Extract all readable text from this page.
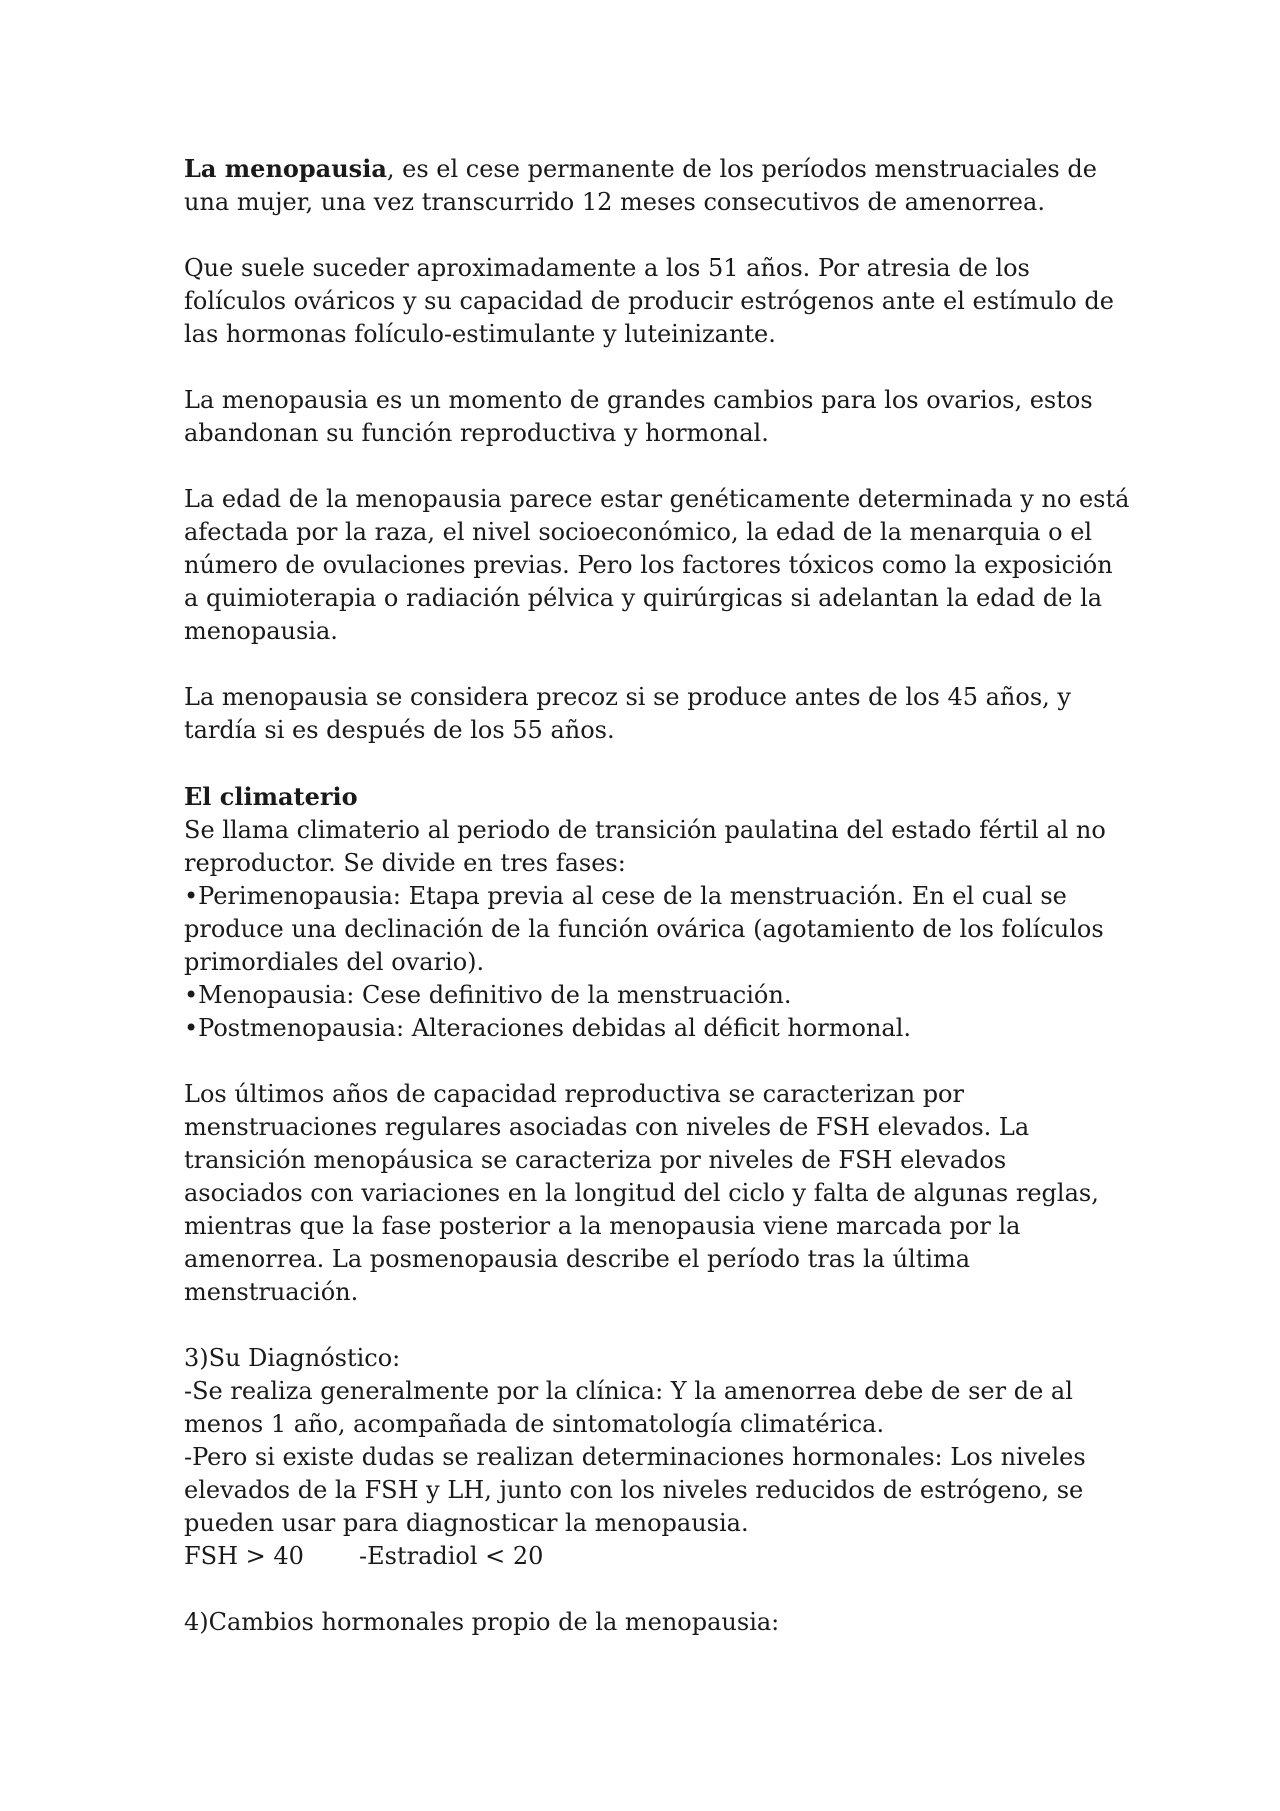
La menopausia, es el cese permanente de los períodos menstruaciales de
una mujer, una vez transcurrido 12 meses consecutivos de amenorrea.
Que suele suceder aproximadamente a los 51 años. Por atresia de los
folículos ováricos y su capacidad de producir estrógenos ante el estímulo de
las hormonas folículo-estimulante y luteinizante.
La menopausia es un momento de grandes cambios para los ovarios, estos
abandonan su función reproductiva y hormonal.
La edad de la menopausia parece estar genéticamente determinada y no está
afectada por la raza, el nivel socioeconómico, la edad de la menarquia o el
número de ovulaciones previas. Pero los factores tóxicos como la exposición
a quimioterapia o radiación pélvica y quirúrgicas si adelantan la edad de la
menopausia.
La menopausia se considera precoz si se produce antes de los 45 años, y
tardía si es después de los 55 años.
El climaterio
Se llama climaterio al periodo de transición paulatina del estado fértil al no
reproductor. Se divide en tres fases:
•Perimenopausia: Etapa previa al cese de la menstruación. En el cual se
produce una declinación de la función ovárica (agotamiento de los folículos
primordiales del ovario).
•Menopausia: Cese definitivo de la menstruación.
•Postmenopausia: Alteraciones debidas al déficit hormonal.
Los últimos años de capacidad reproductiva se caracterizan por
menstruaciones regulares asociadas con niveles de FSH elevados. La
transición menopáusica se caracteriza por niveles de FSH elevados
asociados con variaciones en la longitud del ciclo y falta de algunas reglas,
mientras que la fase posterior a la menopausia viene marcada por la
amenorrea. La posmenopausia describe el período tras la última
menstruación.
3)Su Diagnóstico:
-Se realiza generalmente por la clínica: Y la amenorrea debe de ser de al
menos 1 año, acompañada de sintomatología climatérica.
-Pero si existe dudas se realizan determinaciones hormonales: Los niveles
elevados de la FSH y LH, junto con los niveles reducidos de estrógeno, se
pueden usar para diagnosticar la menopausia.
FSH > 40 -Estradiol < 20
4)Cambios hormonales propio de la menopausia:
